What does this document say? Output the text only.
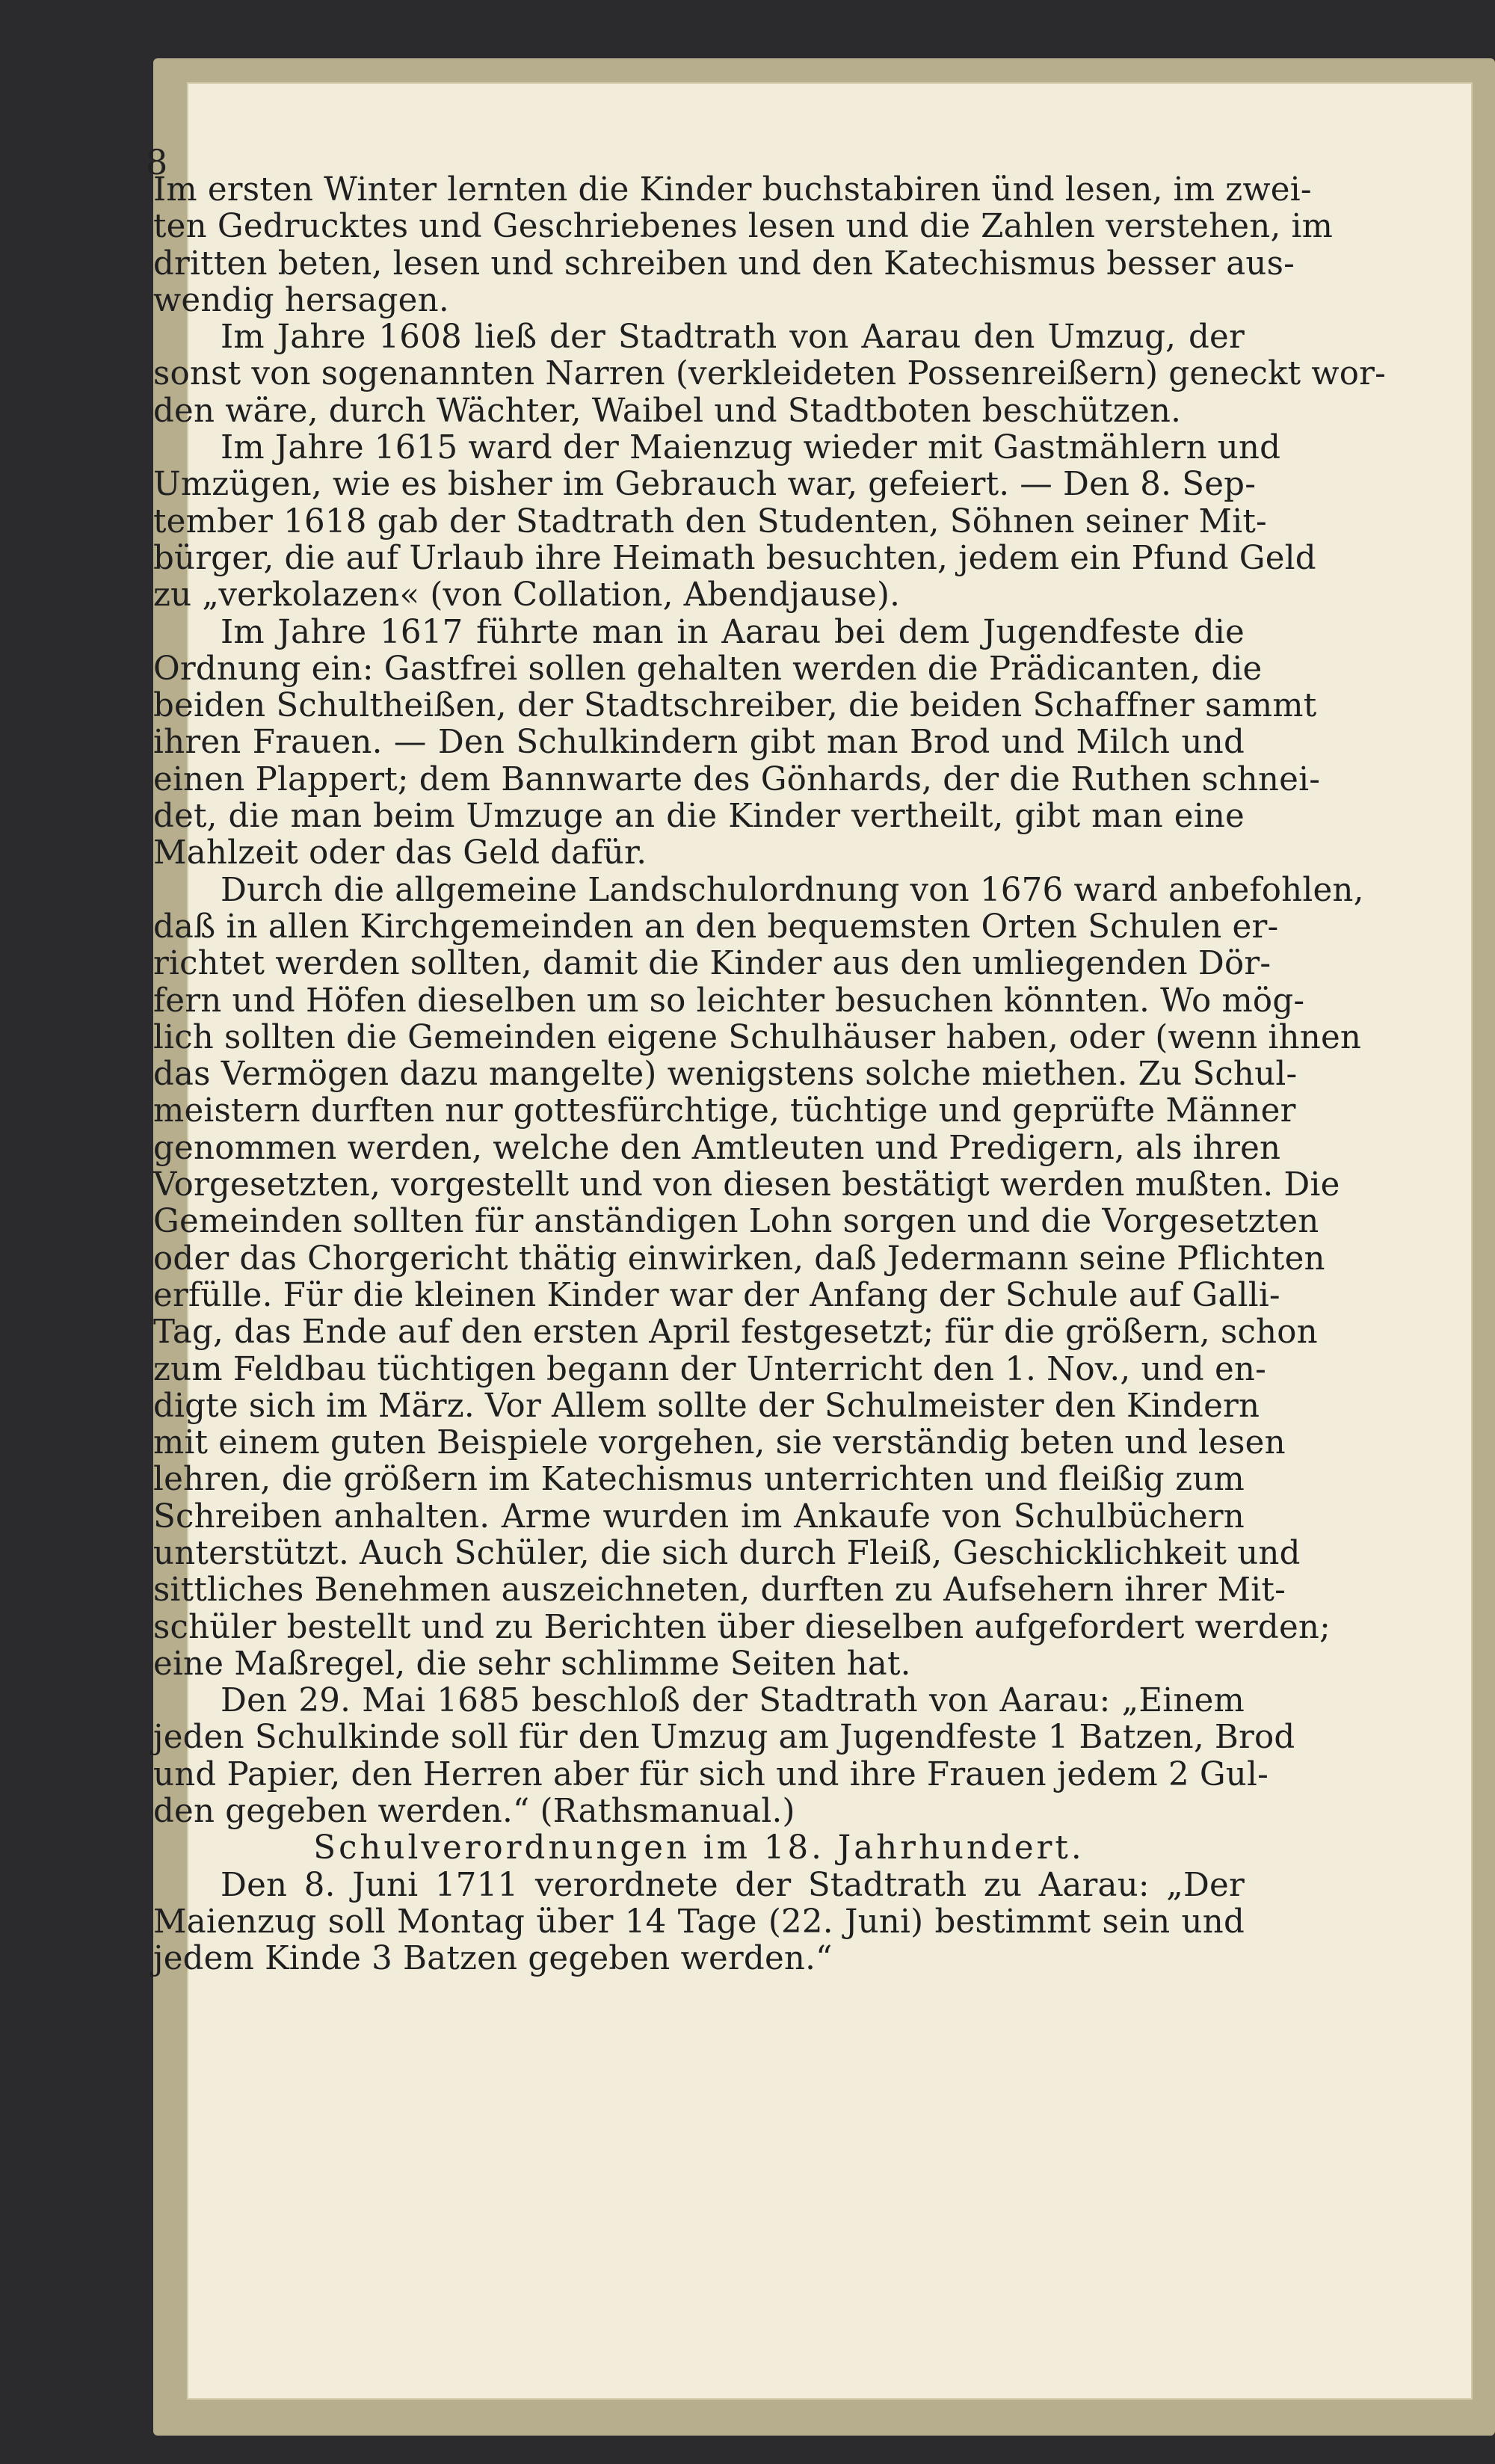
8
Im ersten Winter lernten die Kinder buchstabiren ünd lesen, im zwei-
ten Gedrucktes und Geschriebenes lesen und die Zahlen verstehen, im
dritten beten, lesen und schreiben und den Katechismus besser aus-
wendig hersagen.
Im Jahre 1608 ließ der Stadtrath von Aarau den Umzug, der
sonst von sogenannten Narren (verkleideten Possenreißern) geneckt wor-
den wäre, durch Wächter, Waibel und Stadtboten beschützen.
Im Jahre 1615 ward der Maienzug wieder mit Gastmählern und
Umzügen, wie es bisher im Gebrauch war, gefeiert. — Den 8. Sep-
tember 1618 gab der Stadtrath den Studenten, Söhnen seiner Mit-
bürger, die auf Urlaub ihre Heimath besuchten, jedem ein Pfund Geld
zu „verkolazen« (von Collation, Abendjause).
Im Jahre 1617 führte man in Aarau bei dem Jugendfeste die
Ordnung ein: Gastfrei sollen gehalten werden die Prädicanten, die
beiden Schultheißen, der Stadtschreiber, die beiden Schaffner sammt
ihren Frauen. — Den Schulkindern gibt man Brod und Milch und
einen Plappert; dem Bannwarte des Gönhards, der die Ruthen schnei-
det, die man beim Umzuge an die Kinder vertheilt, gibt man eine
Mahlzeit oder das Geld dafür.
Durch die allgemeine Landschulordnung von 1676 ward anbefohlen,
daß in allen Kirchgemeinden an den bequemsten Orten Schulen er-
richtet werden sollten, damit die Kinder aus den umliegenden Dör-
fern und Höfen dieselben um so leichter besuchen könnten. Wo mög-
lich sollten die Gemeinden eigene Schulhäuser haben, oder (wenn ihnen
das Vermögen dazu mangelte) wenigstens solche miethen. Zu Schul-
meistern durften nur gottesfürchtige, tüchtige und geprüfte Männer
genommen werden, welche den Amtleuten und Predigern, als ihren
Vorgesetzten, vorgestellt und von diesen bestätigt werden mußten. Die
Gemeinden sollten für anständigen Lohn sorgen und die Vorgesetzten
oder das Chorgericht thätig einwirken, daß Jedermann seine Pflichten
erfülle. Für die kleinen Kinder war der Anfang der Schule auf Galli-
Tag, das Ende auf den ersten April festgesetzt; für die größern, schon
zum Feldbau tüchtigen begann der Unterricht den 1. Nov., und en-
digte sich im März. Vor Allem sollte der Schulmeister den Kindern
mit einem guten Beispiele vorgehen, sie verständig beten und lesen
lehren, die größern im Katechismus unterrichten und fleißig zum
Schreiben anhalten. Arme wurden im Ankaufe von Schulbüchern
unterstützt. Auch Schüler, die sich durch Fleiß, Geschicklichkeit und
sittliches Benehmen auszeichneten, durften zu Aufsehern ihrer Mit-
schüler bestellt und zu Berichten über dieselben aufgefordert werden;
eine Maßregel, die sehr schlimme Seiten hat.
Den 29. Mai 1685 beschloß der Stadtrath von Aarau: „Einem
jeden Schulkinde soll für den Umzug am Jugendfeste 1 Batzen, Brod
und Papier, den Herren aber für sich und ihre Frauen jedem 2 Gul-
den gegeben werden.“ (Rathsmanual.)
Schulverordnungen im 18. Jahrhundert.
Den 8. Juni 1711 verordnete der Stadtrath zu Aarau: „Der
Maienzug soll Montag über 14 Tage (22. Juni) bestimmt sein und
jedem Kinde 3 Batzen gegeben werden.“
